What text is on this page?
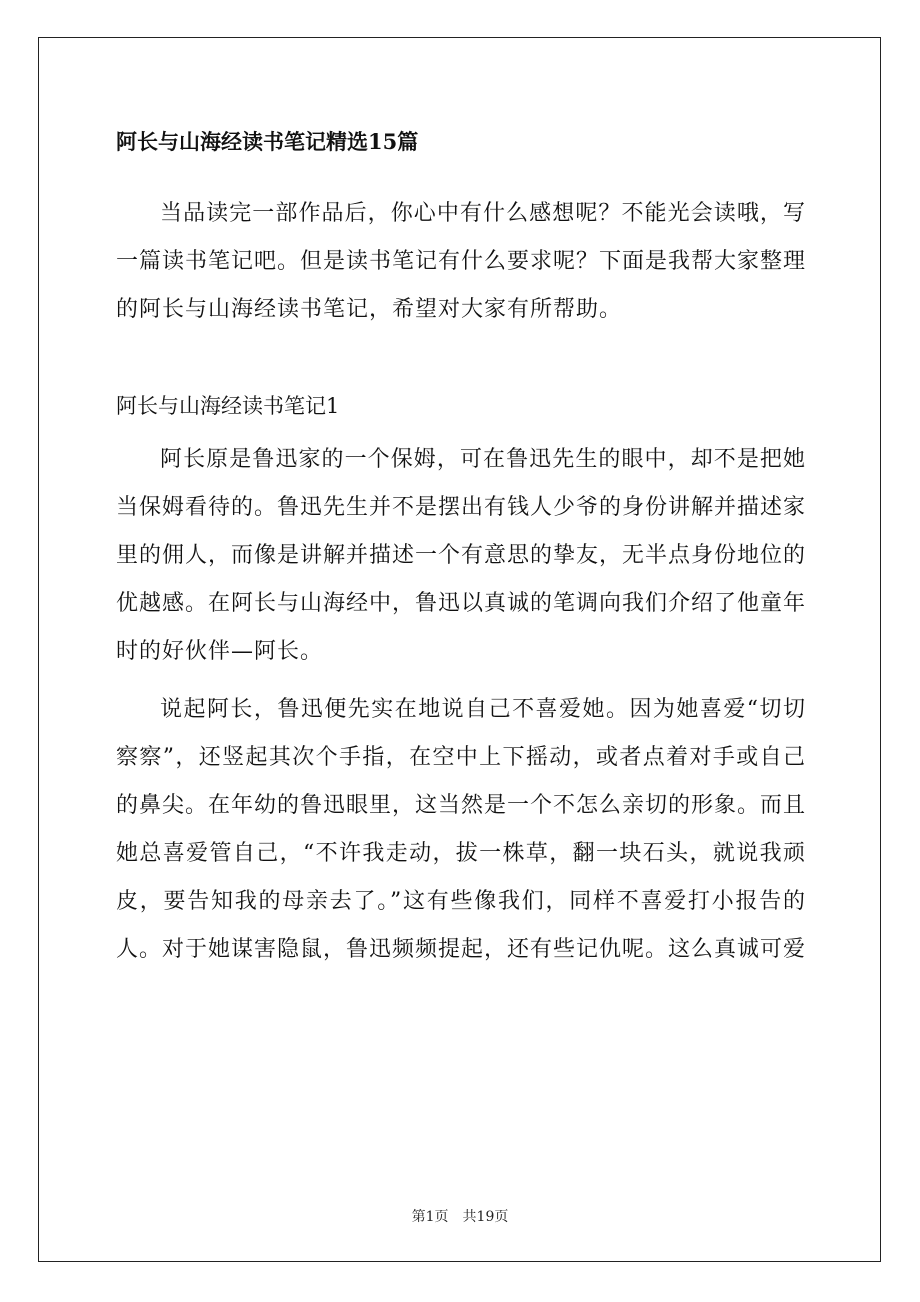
阿长与山海经读书笔记精选15篇

当品读完一部作品后，你心中有什么感想呢？不能光会读哦，写一篇读书笔记吧。但是读书笔记有什么要求呢？下面是我帮大家整理的阿长与山海经读书笔记，希望对大家有所帮助。

阿长与山海经读书笔记1

阿长原是鲁迅家的一个保姆，可在鲁迅先生的眼中，却不是把她当保姆看待的。鲁迅先生并不是摆出有钱人少爷的身份讲解并描述家里的佣人，而像是讲解并描述一个有意思的挚友，无半点身份地位的优越感。在阿长与山海经中，鲁迅以真诚的笔调向我们介绍了他童年时的好伙伴—阿长。

说起阿长，鲁迅便先实在地说自己不喜爱她。因为她喜爱“切切察察”，还竖起其次个手指，在空中上下摇动，或者点着对手或自己的鼻尖。在年幼的鲁迅眼里，这当然是一个不怎么亲切的形象。而且她总喜爱管自己，“不许我走动，拔一株草，翻一块石头，就说我顽皮，要告知我的母亲去了。”这有些像我们，同样不喜爱打小报告的人。对于她谋害隐鼠，鲁迅频频提起，还有些记仇呢。这么真诚可爱

第1页　共19页
